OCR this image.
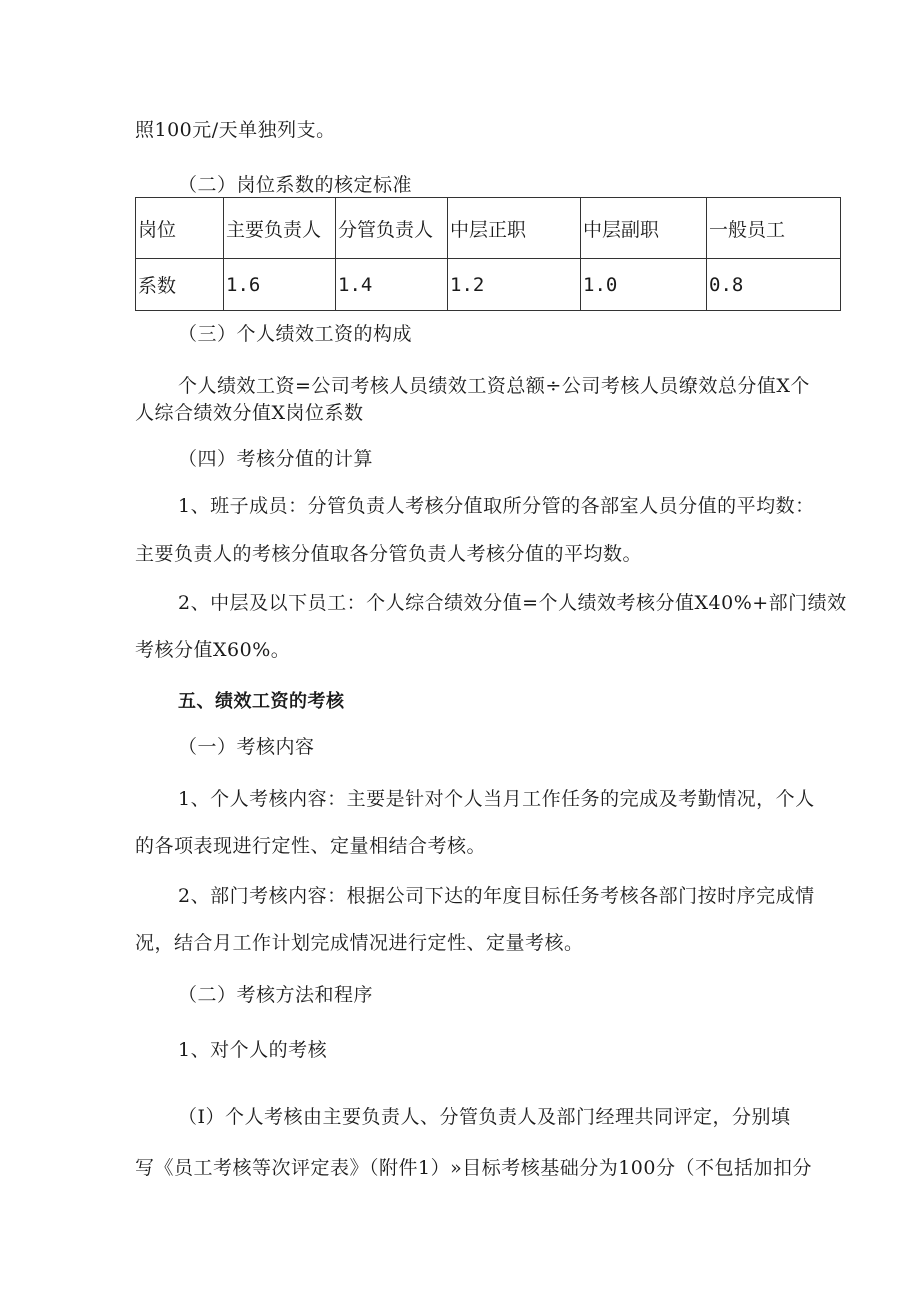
照100元/天单独列支。
（二）岗位系数的核定标准
岗位	主要负责人	分管负责人	中层正职	中层副职	一般员工
系数	1.6	1.4	1.2	1.0	0.8
（三）个人绩效工资的构成
个人绩效工资=公司考核人员绩效工资总额÷公司考核人员缭效总分值X个
人综合绩效分值X岗位系数
（四）考核分值的计算
1、班子成员：分管负责人考核分值取所分管的各部室人员分值的平均数：
主要负责人的考核分值取各分管负责人考核分值的平均数。
2、中层及以下员工：个人综合绩效分值=个人绩效考核分值X40%+部门绩效
考核分值X60%。
五、绩效工资的考核
（一）考核内容
1、个人考核内容：主要是针对个人当月工作任务的完成及考勤情况，个人
的各项表现进行定性、定量相结合考核。
2、部门考核内容：根据公司下达的年度目标任务考核各部门按时序完成情
况，结合月工作计划完成情况进行定性、定量考核。
（二）考核方法和程序
1、对个人的考核
（I）个人考核由主要负责人、分管负责人及部门经理共同评定，分别填
写《员工考核等次评定表》（附件1）»目标考核基础分为100分（不包括加扣分
